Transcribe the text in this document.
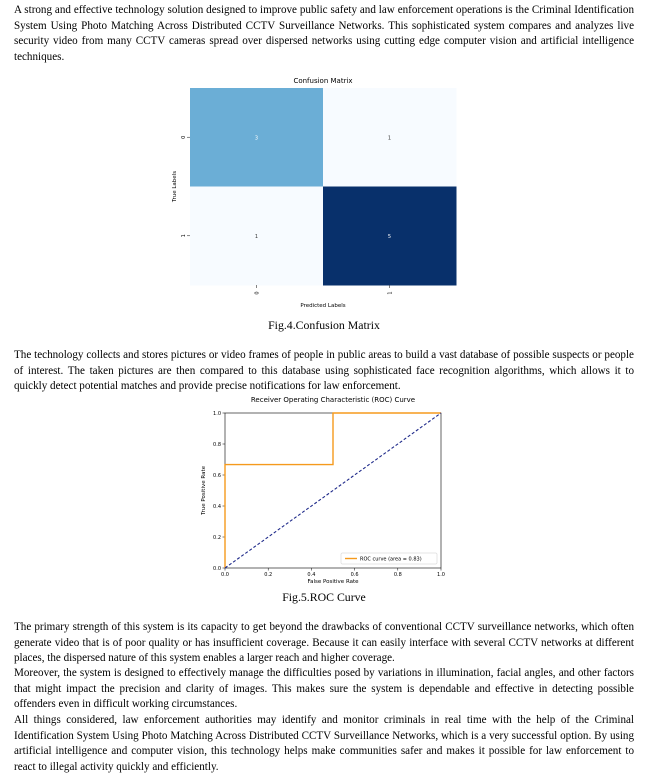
A strong and effective technology solution designed to improve public safety and law enforcement operations is the Criminal Identification System Using Photo Matching Across Distributed CCTV Surveillance Networks. This sophisticated system compares and analyzes live security video from many CCTV cameras spread over dispersed networks using cutting edge computer vision and artificial intelligence techniques.

Confusion Matrix
3	1
1	5
0	1
0
1
Predicted Labels
True Labels

Fig.4.Confusion Matrix

The technology collects and stores pictures or video frames of people in public areas to build a vast database of possible suspects or people of interest. The taken pictures are then compared to this database using sophisticated face recognition algorithms, which allows it to quickly detect potential matches and provide precise notifications for law enforcement.

Receiver Operating Characteristic (ROC) Curve
0.0	0.2	0.4	0.6	0.8	1.0
0.0
0.2
0.4
0.6
0.8
1.0
False Positive Rate
True Positive Rate
ROC curve (area = 0.83)

Fig.5.ROC Curve

The primary strength of this system is its capacity to get beyond the drawbacks of conventional CCTV surveillance networks, which often generate video that is of poor quality or has insufficient coverage. Because it can easily interface with several CCTV networks at different places, the dispersed nature of this system enables a larger reach and higher coverage.

Moreover, the system is designed to effectively manage the difficulties posed by variations in illumination, facial angles, and other factors that might impact the precision and clarity of images. This makes sure the system is dependable and effective in detecting possible offenders even in difficult working circumstances.

All things considered, law enforcement authorities may identify and monitor criminals in real time with the help of the Criminal Identification System Using Photo Matching Across Distributed CCTV Surveillance Networks, which is a very successful option. By using artificial intelligence and computer vision, this technology helps make communities safer and makes it possible for law enforcement to react to illegal activity quickly and efficiently.
